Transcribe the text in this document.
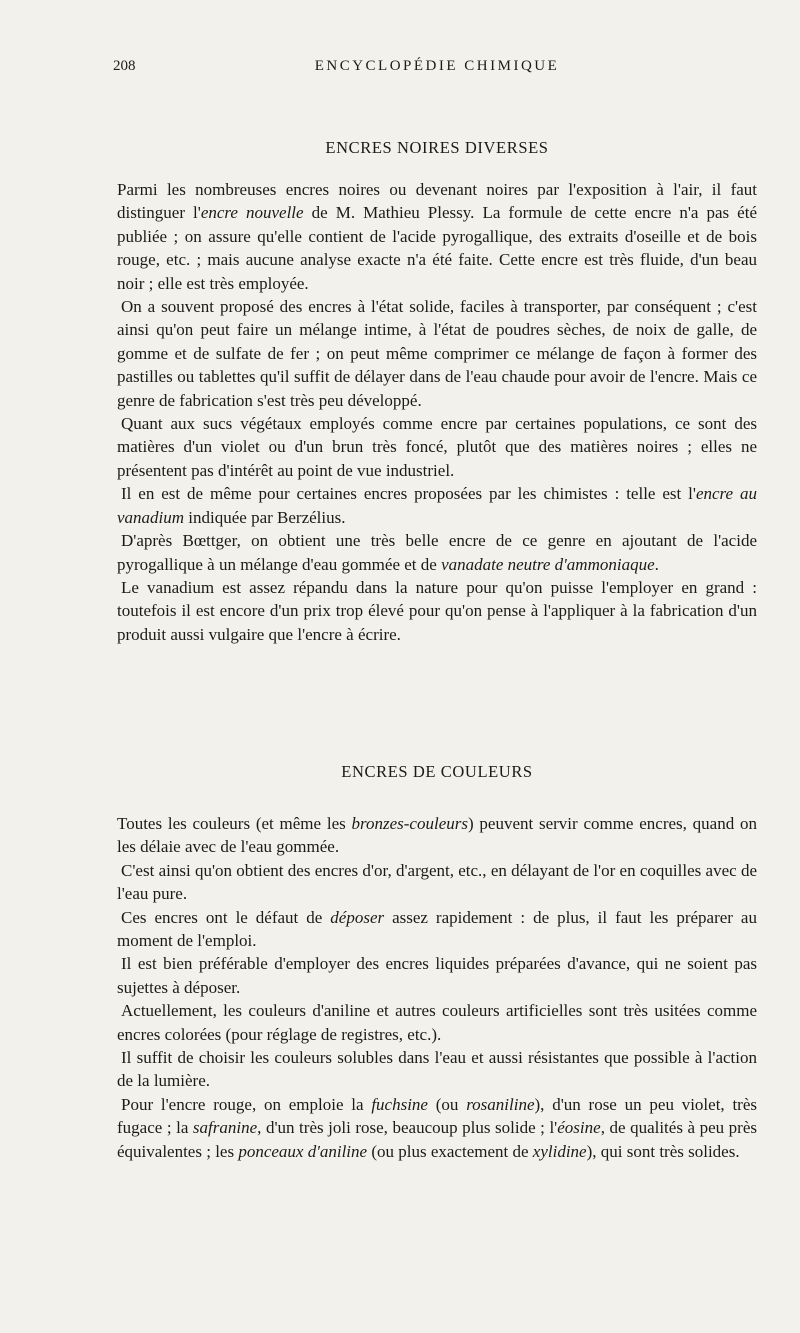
208	ENCYCLOPÉDIE CHIMIQUE
ENCRES NOIRES DIVERSES

Parmi les nombreuses encres noires ou devenant noires par l'exposition à l'air, il faut distinguer l'encre nouvelle de M. Mathieu Plessy. La formule de cette encre n'a pas été publiée ; on assure qu'elle contient de l'acide pyrogallique, des extraits d'oseille et de bois rouge, etc. ; mais aucune analyse exacte n'a été faite. Cette encre est très fluide, d'un beau noir ; elle est très employée.

On a souvent proposé des encres à l'état solide, faciles à transporter, par conséquent ; c'est ainsi qu'on peut faire un mélange intime, à l'état de poudres sèches, de noix de galle, de gomme et de sulfate de fer ; on peut même comprimer ce mélange de façon à former des pastilles ou tablettes qu'il suffit de délayer dans de l'eau chaude pour avoir de l'encre. Mais ce genre de fabrication s'est très peu développé.

Quant aux sucs végétaux employés comme encre par certaines populations, ce sont des matières d'un violet ou d'un brun très foncé, plutôt que des matières noires ; elles ne présentent pas d'intérêt au point de vue industriel.

Il en est de même pour certaines encres proposées par les chimistes : telle est l'encre au vanadium indiquée par Berzélius.

D'après Bœttger, on obtient une très belle encre de ce genre en ajoutant de l'acide pyrogallique à un mélange d'eau gommée et de vanadate neutre d'ammoniaque.

Le vanadium est assez répandu dans la nature pour qu'on puisse l'employer en grand : toutefois il est encore d'un prix trop élevé pour qu'on pense à l'appliquer à la fabrication d'un produit aussi vulgaire que l'encre à écrire.

ENCRES DE COULEURS

Toutes les couleurs (et même les bronzes-couleurs) peuvent servir comme encres, quand on les délaie avec de l'eau gommée.

C'est ainsi qu'on obtient des encres d'or, d'argent, etc., en délayant de l'or en coquilles avec de l'eau pure.

Ces encres ont le défaut de déposer assez rapidement : de plus, il faut les préparer au moment de l'emploi.

Il est bien préférable d'employer des encres liquides préparées d'avance, qui ne soient pas sujettes à déposer.

Actuellement, les couleurs d'aniline et autres couleurs artificielles sont très usitées comme encres colorées (pour réglage de registres, etc.).

Il suffit de choisir les couleurs solubles dans l'eau et aussi résistantes que possible à l'action de la lumière.

Pour l'encre rouge, on emploie la fuchsine (ou rosaniline), d'un rose un peu violet, très fugace ; la safranine, d'un très joli rose, beaucoup plus solide ; l'éosine, de qualités à peu près équivalentes ; les ponceaux d'aniline (ou plus exactement de xylidine), qui sont très solides.
